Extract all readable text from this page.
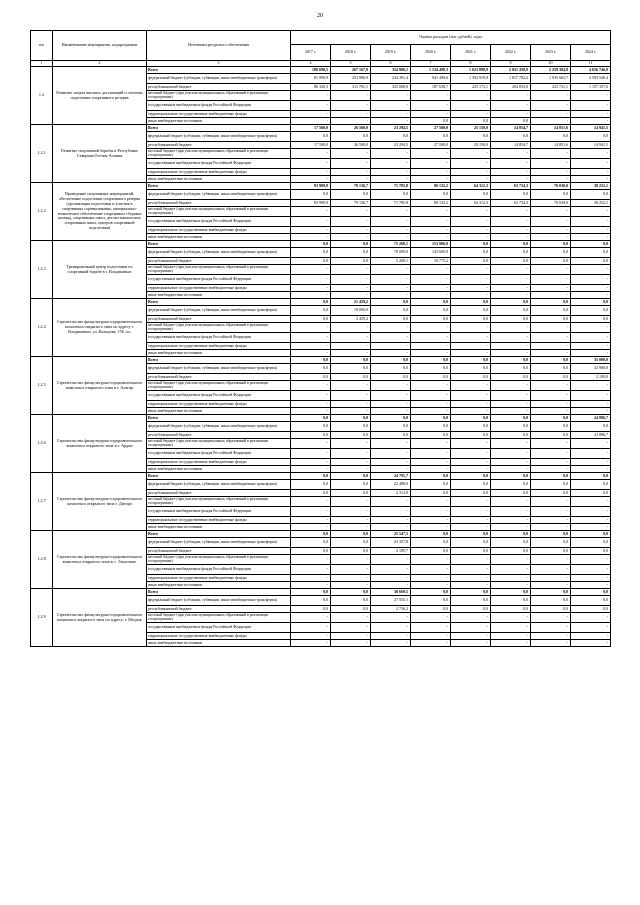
20
п/п	Наименование мероприятия, подпрограммы	Источники ресурсного обеспечения	Оценка расходов (тыс. рублей), годы							
			2017 г.	2018 г.	2019 г.	2020 г.	2021 г.	2022 г.	2023 г.	2024 г.
1	2	3	4	5	6	7	8	9	10	11
1.2	Развитие спорта высших достижений и системы подготовки спортивного резерва	Всего	188 690,5	267 167,9	354 906,1	1 134 498,3	1 623 898,9	2 021 438,9	2 259 384,8	4 656 746,0
		федеральный бюджет (субсидии, субвенции, иные межбюджетные трансферты)	81 999,9	253 996,9	234 391,4	941 499,6	1 392 919,9	1 817 782,2	1 935 663,7	3 503 540,4
		республиканский бюджет	86 330,3	311 701,1	325 008,0	187 638,7	225 173,1	204 053,0	223 721,1	1 157 357,6
		местный бюджет (при участии муниципальных образований в реализации госпрограммы)	-	-	-	-	-	-	-	-
		государственные внебюджетные фонды Российской Федерации	-	-	-	-	-	-	-	-
		территориальные государственные внебюджетные фонды	-	-	-	-	-	-	-	-
		иные внебюджетные источники	-	-	-	0,0	0,0	0,0	-	-
1.2.1	Развитие спортивной борьбы в Республике Северная Осетия-Алания	Всего	17 500,0	26 500,0	23 294,5	27 500,0	25 150,0	14 854,7	14 851,6	14 941,5
		федеральный бюджет (субсидии, субвенции, иные межбюджетные трансферты)	0,0	0,0	0,0	0,0	0,0	0,0	0,0	0,0
		республиканский бюджет	17 500,0	26 500,0	23 294,5	27 500,0	25 150,0	14 854,7	14 851,6	14 941,5
		местный бюджет (при участии муниципальных образований в реализации госпрограммы)	-	-	-	-	-	-	-	-
		государственные внебюджетные фонды Российской Федерации	-	-	-	-	-	-	-	-
		территориальные государственные внебюджетные фонды	-	-	-	-	-	-	-	-
		иные внебюджетные источники	-	-	-	-	-	-	-	-
1.2.2	Проведение спортивных мероприятий, обеспечение подготовки спортивного резерва (организация подготовки и участия в спортивных соревнованиях, материально-техническое обеспечение спортивных сборных команд, спортивных школ, детско-юношеских спортивных школ, центров спортивной подготовки)	Всего	83 989,9	79 136,7	71 785,8	80 132,2	64 312,3	63 734,3	70 030,0	38 252,1
		федеральный бюджет (субсидии, субвенции, иные межбюджетные трансферты)	0,0	0,0	0,0	0,0	0,0	0,0	0,0	0,0
		республиканский бюджет	83 989,9	79 136,7	71 785,8	80 132,2	64 312,3	63 734,3	70 030,0	38 252,1
		местный бюджет (при участии муниципальных образований в реализации госпрограммы)	-	-	-	-	-	-	-	-
		государственные внебюджетные фонды Российской Федерации	-	-	-	-	-	-	-	-
		территориальные государственные внебюджетные фонды	-	-	-	-	-	-	-	-
		иные внебюджетные источники	-	-	-	-	-	-	-	-
1.2.3	Тренировочный центр подготовки по спортивной борьбе в г. Владикавказ	Всего	0,0	0,0	75 268,1	153 906,0	0,0	0,0	0,0	0,0
		федеральный бюджет (субсидии, субвенции, иные межбюджетные трансферты)	0,0	0,0	70 000,0	143 600,0	0,0	0,0	0,0	0,0
		республиканский бюджет	0,0	0,0	5 268,1	10 775,2	0,0	0,0	0,0	0,0
		местный бюджет (при участии муниципальных образований в реализации госпрограммы)	-	-	-	-	-	-	-	-
		государственные внебюджетные фонды Российской Федерации	-	-	-	-	-	-	-	-
		территориальные государственные внебюджетные фонды	-	-	-	-	-	-	-	-
		иные внебюджетные источники	-	-	-	-	-	-	-	-
1.2.4	Строительство физкультурно-оздоровительного комплекса открытого типа по адресу г. Владикавказ, ул. Кольцова, 156 «а»	Всего	0,0	21 459,2	0,0	0,0	0,0	0,0	0,0	0,0
		федеральный бюджет (субсидии, субвенции, иные межбюджетные трансферты)	0,0	19 000,0	0,0	0,0	0,0	0,0	0,0	0,0
		республиканский бюджет	0,0	2 459,2	0,0	0,0	0,0	0,0	0,0	0,0
		местный бюджет (при участии муниципальных образований в реализации госпрограммы)	-	-	-	-	-	-	-	-
		государственные внебюджетные фонды Российской Федерации	-	-	-	-	-	-	-	-
		территориальные государственные внебюджетные фонды	-	-	-	-	-	-	-	-
		иные внебюджетные источники	-	-	-	-	-	-	-	-
1.2.5	Строительство физкультурно-оздоровительного комплекса открытого типа в г. Алагир	Всего	0,0	0,0	0,0	0,0	0,0	0,0	0,0	35 000,0
		федеральный бюджет (субсидии, субвенции, иные межбюджетные трансферты)	0,0	0,0	0,0	0,0	0,0	0,0	0,0	32 900,0
		республиканский бюджет	0,0	0,0	0,0	0,0	0,0	0,0	0,0	2 100,0
		местный бюджет (при участии муниципальных образований в реализации госпрограммы)	-	-	-	-	-	-	-	-
		государственные внебюджетные фонды Российской Федерации	-	-	-	-	-	-	-	-
		территориальные государственные внебюджетные фонды	-	-	-	-	-	-	-	-
		иные внебюджетные источники	-	-	-	-	-	-	-	-
1.2.6	Строительство физкультурно-оздоровительного комплекса открытого типа в г. Ардон	Всего	0,0	0,0	0,0	0,0	0,0	0,0	0,0	24 886,7
		федеральный бюджет (субсидии, субвенции, иные межбюджетные трансферты)	0,0	0,0	0,0	0,0	0,0	0,0	0,0	0,0
		республиканский бюджет	0,0	0,0	0,0	0,0	0,0	0,0	0,0	23 886,7
		местный бюджет (при участии муниципальных образований в реализации госпрограммы)	-	-	-	-	-	-	-	-
		государственные внебюджетные фонды Российской Федерации	-	-	-	-	-	-	-	-
		территориальные государственные внебюджетные фонды	-	-	-	-	-	-	-	-
		иные внебюджетные источники	-	-	-	-	-	-	-	-
1.2.7	Строительство физкультурно-оздоровительного комплекса открытого типа г. Дигора	Всего	0,0	0,0	24 791,7	0,0	0,0	0,0	0,0	0,0
		федеральный бюджет (субсидии, субвенции, иные межбюджетные трансферты)	0,0	0,0	22 488,0	0,0	0,0	0,0	0,0	0,0
		республиканский бюджет	0,0	0,0	2 313,9	0,0	0,0	0,0	0,0	0,0
		местный бюджет (при участии муниципальных образований в реализации госпрограммы)	-	-	-	-	-	-	-	-
		государственные внебюджетные фонды Российской Федерации	-	-	-	-	-	-	-	-
		территориальные государственные внебюджетные фонды	-	-	-	-	-	-	-	-
		иные внебюджетные источники	-	-	-	-	-	-	-	-
1.2.8	Строительство физкультурно-оздоровительного комплекса открытого типа в с. Эльхотово	Всего	0,0	0,0	25 547,5	0,0	0,0	0,0	0,0	0,0
		федеральный бюджет (субсидии, субвенции, иные межбюджетные трансферты)	0,0	0,0	23 357,8	0,0	0,0	0,0	0,0	0,0
		республиканский бюджет	0,0	0,0	2 189,7	0,0	0,0	0,0	0,0	0,0
		местный бюджет (при участии муниципальных образований в реализации госпрограммы)	-	-	-	-	-	-	-	-
		государственные внебюджетные фонды Российской Федерации	-	-	-	-	-	-	-	-
		территориальные государственные внебюджетные фонды	-	-	-	-	-	-	-	-
		иные внебюджетные источники	-	-	-	-	-	-	-	-
1.2.9	Строительство физкультурно-оздоровительного комплекса открытого типа по адресу: г. Моздок	Всего	0,0	0,0	30 669,5	0,0	0,0	0,0	0,0	0,0
		федеральный бюджет (субсидии, субвенции, иные межбюджетные трансферты)	0,0	0,0	27 555,1	0,0	0,0	0,0	0,0	0,0
		республиканский бюджет	0,0	0,0	2 736,2	0,0	0,0	0,0	0,0	0,0
		местный бюджет (при участии муниципальных образований в реализации госпрограммы)	-	-	-	-	-	-	-	-
		государственные внебюджетные фонды Российской Федерации	-	-	-	-	-	-	-	-
		территориальные государственные внебюджетные фонды	-	-	-	-	-	-	-	-
		иные внебюджетные источники	-	-	-	-	-	-	-	-
